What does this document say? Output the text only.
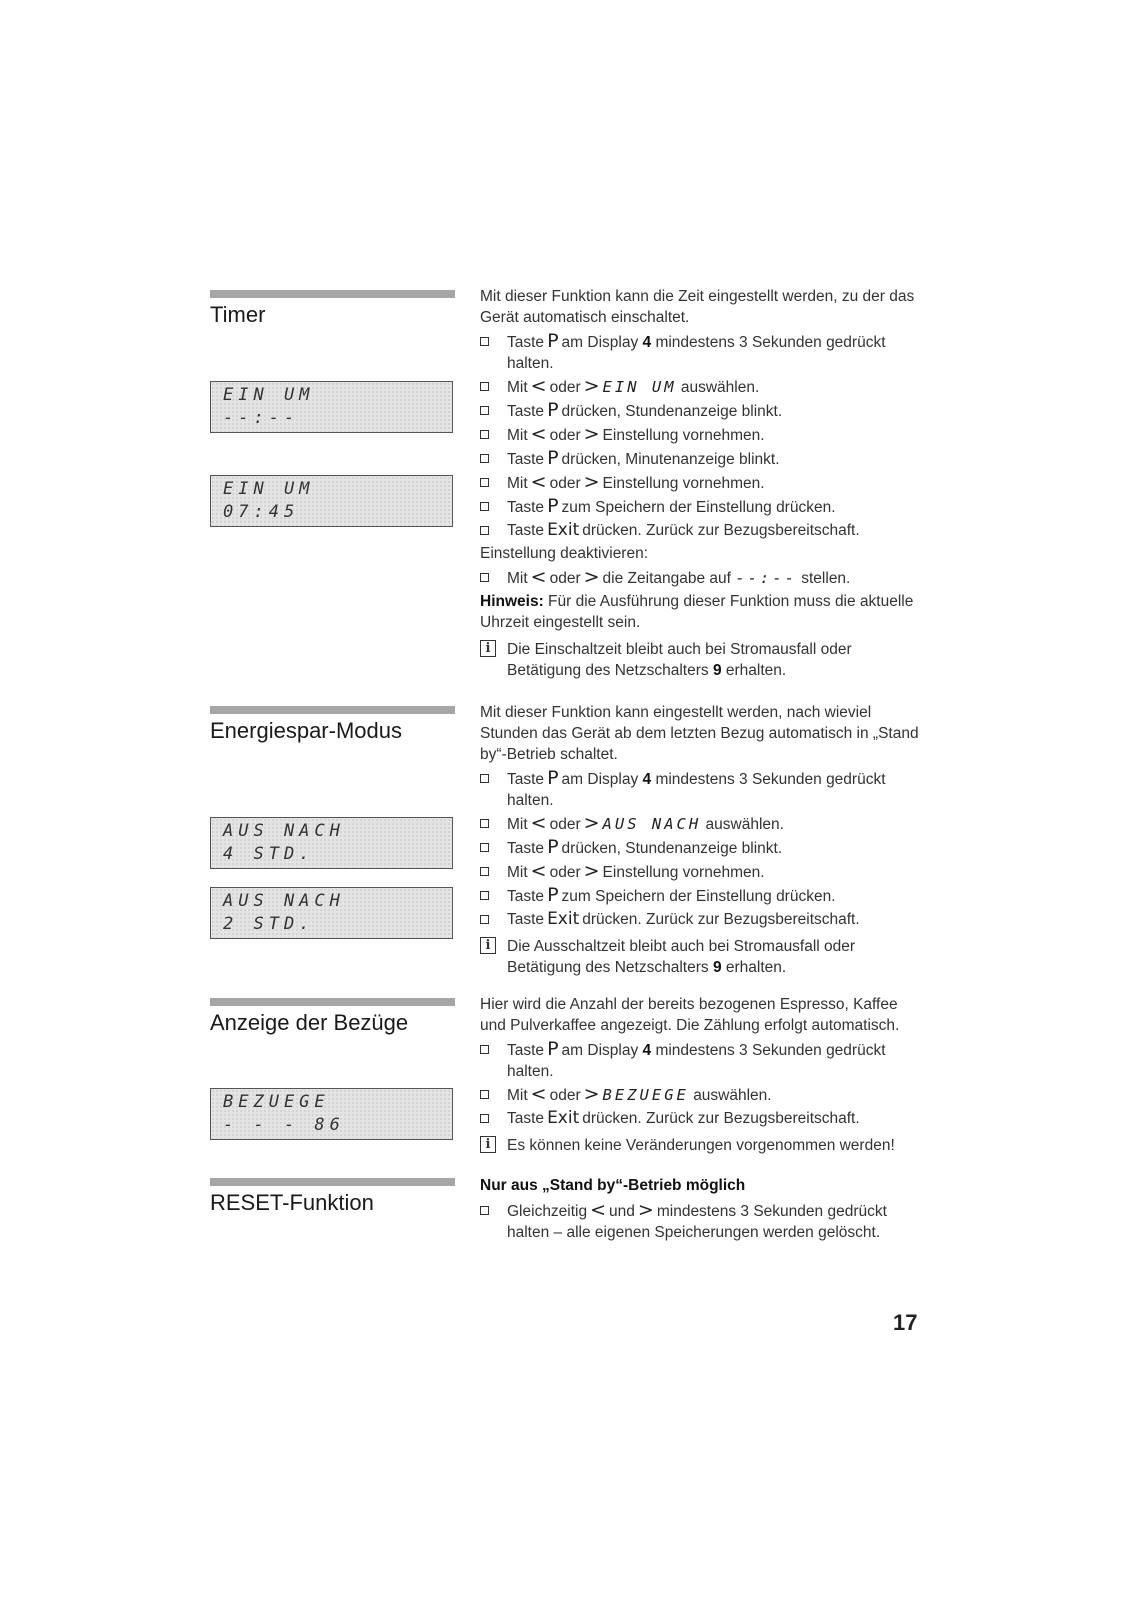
Timer
EIN UM
--:--
EIN UM
07:45

Mit dieser Funktion kann die Zeit eingestellt werden, zu der das Gerät automatisch einschaltet.

Taste P am Display 4 mindestens 3 Sekunden gedrückt halten.
Mit < oder > EIN UM auswählen.
Taste P drücken, Stundenanzeige blinkt.
Mit < oder > Einstellung vornehmen.
Taste P drücken, Minutenanzeige blinkt.
Mit < oder > Einstellung vornehmen.
Taste P zum Speichern der Einstellung drücken.
Taste Exit drücken. Zurück zur Bezugsbereitschaft.

Einstellung deaktivieren:

Mit < oder > die Zeitangabe auf --:-- stellen.

Hinweis: Für die Ausführung dieser Funktion muss die aktuelle Uhrzeit eingestellt sein.

i	Die Einschaltzeit bleibt auch bei Stromausfall oder Betätigung des Netzschalters 9 erhalten.
Energiespar-Modus
AUS NACH
4 STD.
AUS NACH
2 STD.

Mit dieser Funktion kann eingestellt werden, nach wieviel Stunden das Gerät ab dem letzten Bezug automatisch in „Stand by“-Betrieb schaltet.

Taste P am Display 4 mindestens 3 Sekunden gedrückt halten.
Mit < oder > AUS NACH auswählen.
Taste P drücken, Stundenanzeige blinkt.
Mit < oder > Einstellung vornehmen.
Taste P zum Speichern der Einstellung drücken.
Taste Exit drücken. Zurück zur Bezugsbereitschaft.
i	Die Ausschaltzeit bleibt auch bei Stromausfall oder Betätigung des Netzschalters 9 erhalten.
Anzeige der Bezüge
BEZUEGE
- - - 86

Hier wird die Anzahl der bereits bezogenen Espresso, Kaffee und Pulverkaffee angezeigt. Die Zählung erfolgt automatisch.

Taste P am Display 4 mindestens 3 Sekunden gedrückt halten.
Mit < oder > BEZUEGE auswählen.
Taste Exit drücken. Zurück zur Bezugsbereitschaft.
i	Es können keine Veränderungen vorgenommen werden!
RESET-Funktion

Nur aus „Stand by“-Betrieb möglich

Gleichzeitig < und > mindestens 3 Sekunden gedrückt halten – alle eigenen Speicherungen werden gelöscht.
17
